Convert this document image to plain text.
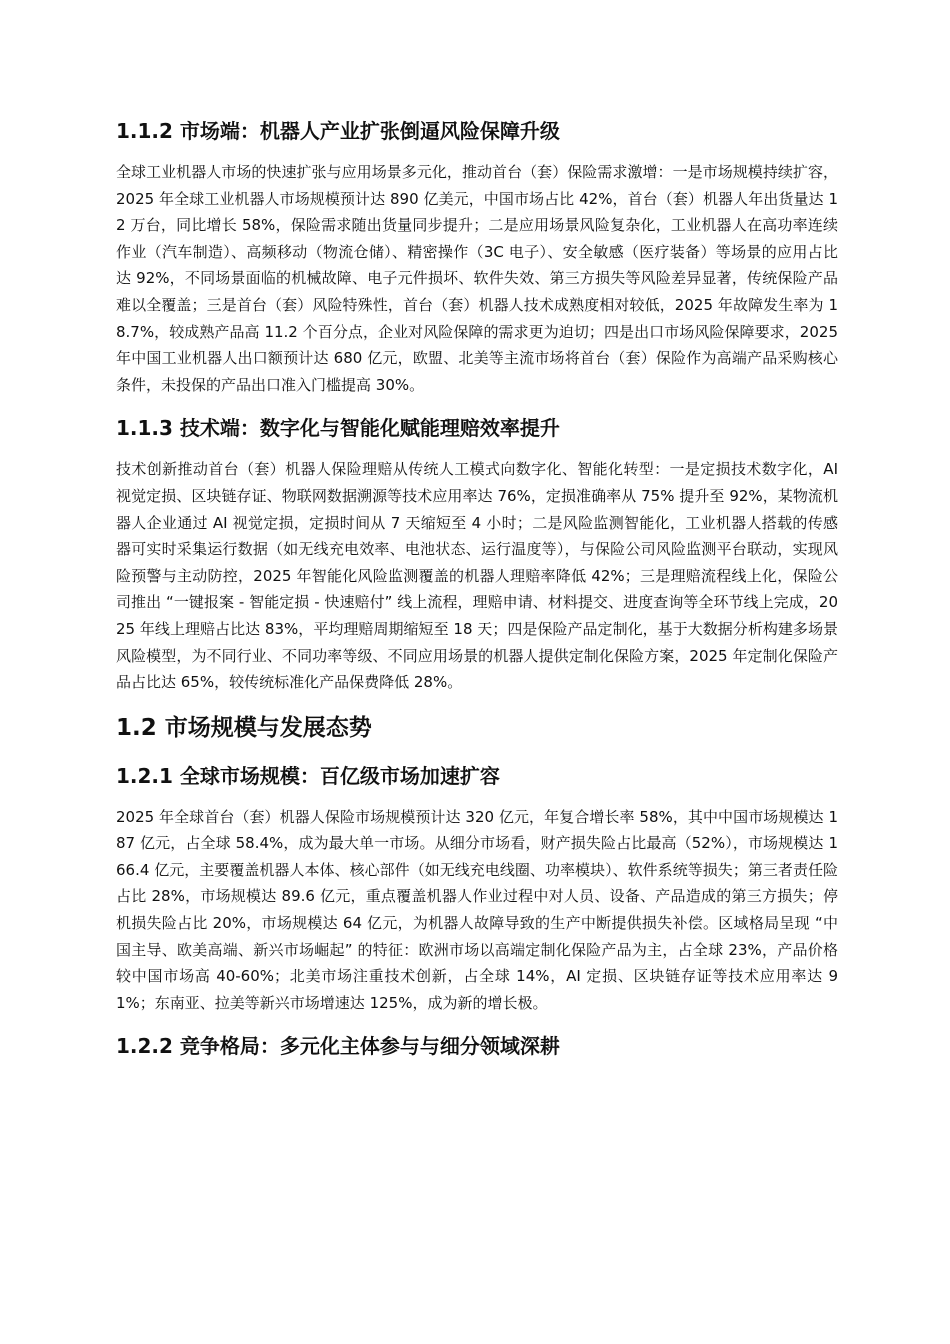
1.1.2 市场端：机器人产业扩张倒逼风险保障升级

全球工业机器人市场的快速扩张与应用场景多元化，推动首台（套）保险需求激增：一是市场规模持续扩容，2025 年全球工业机器人市场规模预计达 890 亿美元，中国市场占比 42%，首台（套）机器人年出货量达 12 万台，同比增长 58%，保险需求随出货量同步提升；二是应用场景风险复杂化，工业机器人在高功率连续作业（汽车制造）、高频移动（物流仓储）、精密操作（3C 电子）、安全敏感（医疗装备）等场景的应用占比达 92%，不同场景面临的机械故障、电子元件损坏、软件失效、第三方损失等风险差异显著，传统保险产品难以全覆盖；三是首台（套）风险特殊性，首台（套）机器人技术成熟度相对较低，2025 年故障发生率为 18.7%，较成熟产品高 11.2 个百分点，企业对风险保障的需求更为迫切；四是出口市场风险保障要求，2025 年中国工业机器人出口额预计达 680 亿元，欧盟、北美等主流市场将首台（套）保险作为高端产品采购核心条件，未投保的产品出口准入门槛提高 30%。

1.1.3 技术端：数字化与智能化赋能理赔效率提升

技术创新推动首台（套）机器人保险理赔从传统人工模式向数字化、智能化转型：一是定损技术数字化，AI 视觉定损、区块链存证、物联网数据溯源等技术应用率达 76%，定损准确率从 75% 提升至 92%，某物流机器人企业通过 AI 视觉定损，定损时间从 7 天缩短至 4 小时；二是风险监测智能化，工业机器人搭载的传感器可实时采集运行数据（如无线充电效率、电池状态、运行温度等），与保险公司风险监测平台联动，实现风险预警与主动防控，2025 年智能化风险监测覆盖的机器人理赔率降低 42%；三是理赔流程线上化，保险公司推出 “一键报案 - 智能定损 - 快速赔付” 线上流程，理赔申请、材料提交、进度查询等全环节线上完成，2025 年线上理赔占比达 83%，平均理赔周期缩短至 18 天；四是保险产品定制化，基于大数据分析构建多场景风险模型，为不同行业、不同功率等级、不同应用场景的机器人提供定制化保险方案，2025 年定制化保险产品占比达 65%，较传统标准化产品保费降低 28%。

1.2 市场规模与发展态势
1.2.1 全球市场规模：百亿级市场加速扩容

2025 年全球首台（套）机器人保险市场规模预计达 320 亿元，年复合增长率 58%，其中中国市场规模达 187 亿元，占全球 58.4%，成为最大单一市场。从细分市场看，财产损失险占比最高（52%），市场规模达 166.4 亿元，主要覆盖机器人本体、核心部件（如无线充电线圈、功率模块）、软件系统等损失；第三者责任险占比 28%，市场规模达 89.6 亿元，重点覆盖机器人作业过程中对人员、设备、产品造成的第三方损失；停机损失险占比 20%，市场规模达 64 亿元，为机器人故障导致的生产中断提供损失补偿。区域格局呈现 “中国主导、欧美高端、新兴市场崛起” 的特征：欧洲市场以高端定制化保险产品为主，占全球 23%，产品价格较中国市场高 40-60%；北美市场注重技术创新，占全球 14%，AI 定损、区块链存证等技术应用率达 91%；东南亚、拉美等新兴市场增速达 125%，成为新的增长极。

1.2.2 竞争格局：多元化主体参与与细分领域深耕
